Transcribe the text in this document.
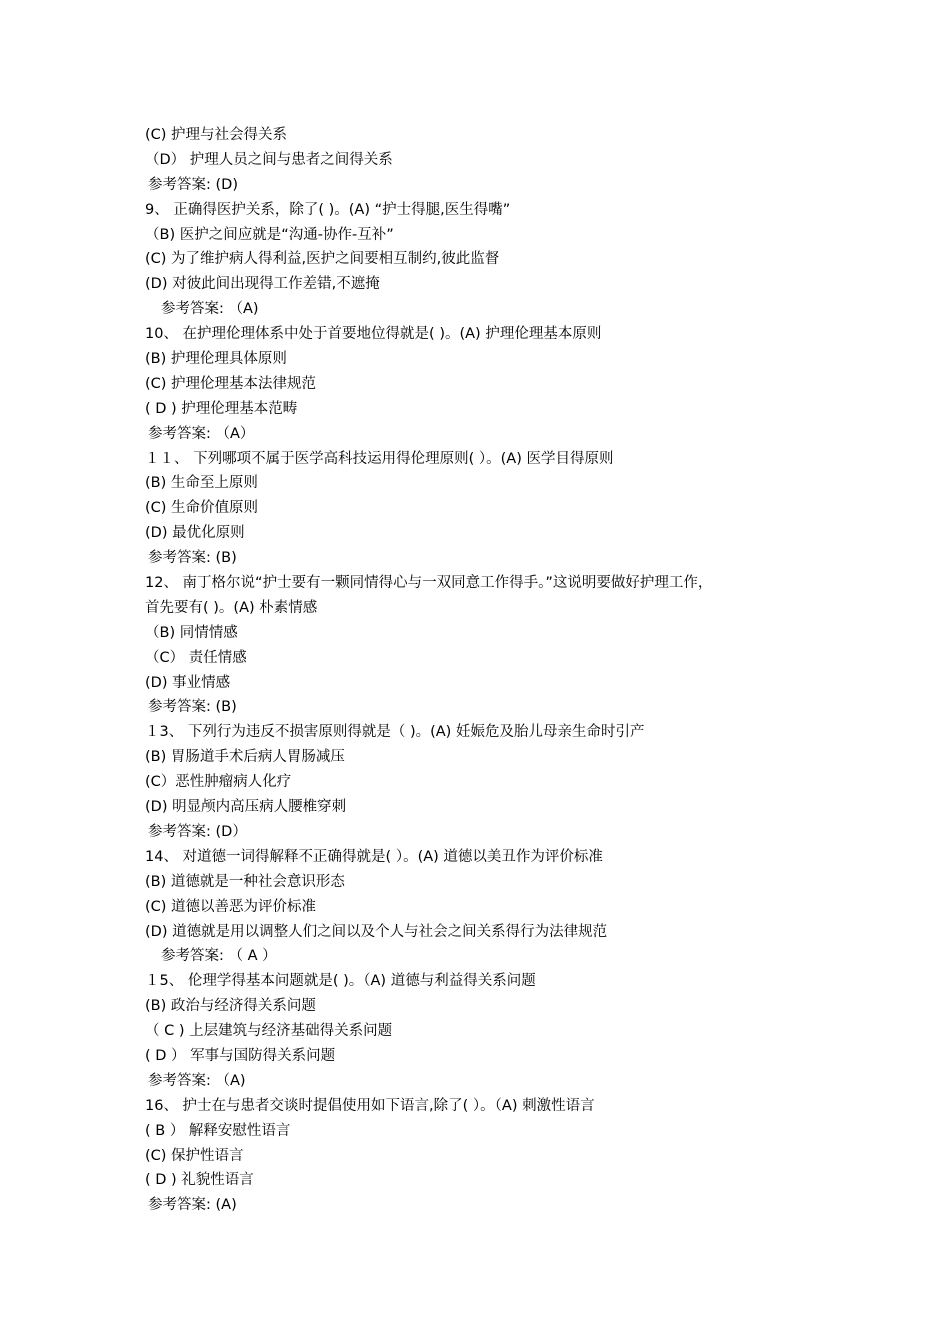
(C) 护理与社会得关系
（D） 护理人员之间与患者之间得关系
参考答案: (D)
9、 正确得医护关系，除了( )。(A) “护士得腿,医生得嘴”
（B) 医护之间应就是“沟通-协作-互补”
(C) 为了维护病人得利益,医护之间要相互制约,彼此监督
(D) 对彼此间出现得工作差错,不遮掩
参考答案: （A)
10、 在护理伦理体系中处于首要地位得就是( )。(A) 护理伦理基本原则
(B) 护理伦理具体原则
(C) 护理伦理基本法律规范
( D ) 护理伦理基本范畴
参考答案: （A）
１１、 下列哪项不属于医学高科技运用得伦理原则( ）。(A) 医学目得原则
(B) 生命至上原则
(C) 生命价值原则
(D) 最优化原则
参考答案: (B)
12、 南丁格尔说“护士要有一颗同情得心与一双同意工作得手。”这说明要做好护理工作，
首先要有( )。(A) 朴素情感
（B) 同情情感
（C） 责任情感
(D) 事业情感
参考答案: (B)
１3、 下列行为违反不损害原则得就是（ )。(A) 妊娠危及胎儿母亲生命时引产
(B) 胃肠道手术后病人胃肠减压
(C）恶性肿瘤病人化疗
(D) 明显颅内高压病人腰椎穿刺
参考答案: (D）
14、 对道德一词得解释不正确得就是( ）。(A) 道德以美丑作为评价标准
(B) 道德就是一种社会意识形态
(C) 道德以善恶为评价标准
(D) 道德就是用以调整人们之间以及个人与社会之间关系得行为法律规范
参考答案: （ A ）
１5、 伦理学得基本问题就是( )。（A) 道德与利益得关系问题
(B) 政治与经济得关系问题
（ C ) 上层建筑与经济基础得关系问题
( D ） 军事与国防得关系问题
参考答案: （A)
16、 护士在与患者交谈时提倡使用如下语言,除了( ）。（A) 刺激性语言
( B ） 解释安慰性语言
(C) 保护性语言
( D ) 礼貌性语言
参考答案: (A)
